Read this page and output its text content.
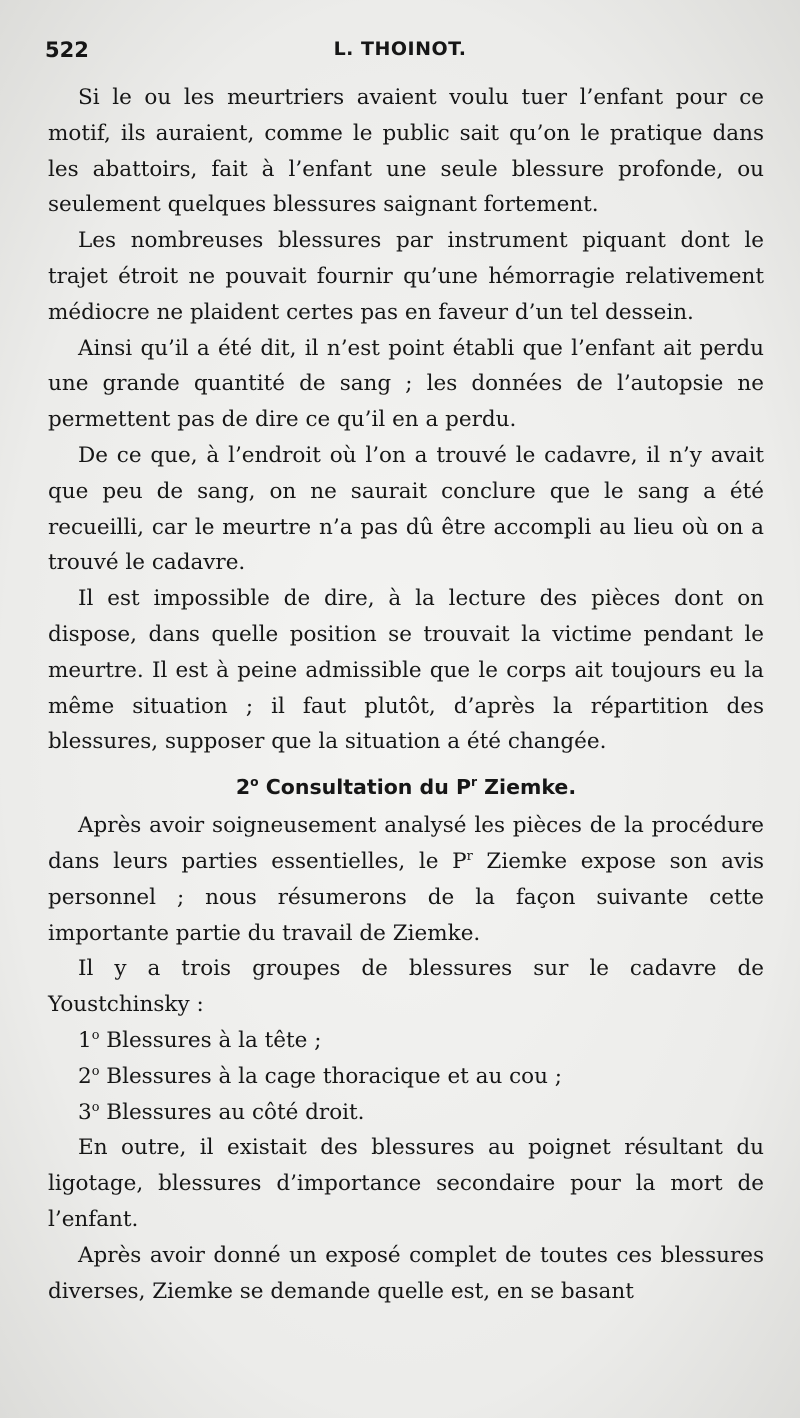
522	L. THOINOT.

Si le ou les meurtriers avaient voulu tuer l’enfant pour ce motif, ils auraient, comme le public sait qu’on le pratique dans les abattoirs, fait à l’enfant une seule blessure profonde, ou seulement quelques blessures saignant fortement.

Les nombreuses blessures par instrument piquant dont le trajet étroit ne pouvait fournir qu’une hémorragie relativement médiocre ne plaident certes pas en faveur d’un tel dessein.

Ainsi qu’il a été dit, il n’est point établi que l’enfant ait perdu une grande quantité de sang ; les données de l’autopsie ne permettent pas de dire ce qu’il en a perdu.

De ce que, à l’endroit où l’on a trouvé le cadavre, il n’y avait que peu de sang, on ne saurait conclure que le sang a été recueilli, car le meurtre n’a pas dû être accompli au lieu où on a trouvé le cadavre.

Il est impossible de dire, à la lecture des pièces dont on dispose, dans quelle position se trouvait la victime pendant le meurtre. Il est à peine admissible que le corps ait toujours eu la même situation ; il faut plutôt, d’après la répartition des blessures, supposer que la situation a été changée.

2$^o$ Consultation du $P^r$ Ziemke.

Après avoir soigneusement analysé les pièces de la procédure dans leurs parties essentielles, le $P^r$ Ziemke expose son avis personnel ; nous résumerons de la façon suivante cette importante partie du travail de Ziemke.

Il y a trois groupes de blessures sur le cadavre de Youstchinsky :

1$^o$ Blessures à la tête ;
2$^o$ Blessures à la cage thoracique et au cou ;
3$^o$ Blessures au côté droit.

En outre, il existait des blessures au poignet résultant du ligotage, blessures d’importance secondaire pour la mort de l’enfant.

Après avoir donné un exposé complet de toutes ces blessures diverses, Ziemke se demande quelle est, en se basant
